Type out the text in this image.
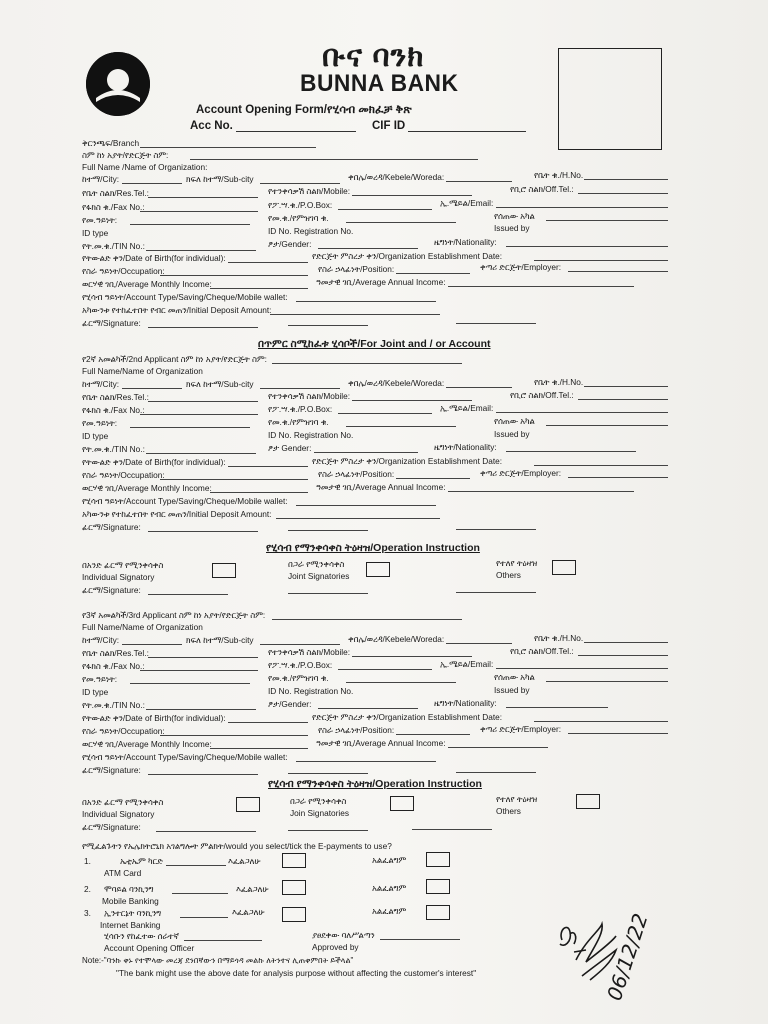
ቡና ባንክ
BUNNA BANK
Account Opening Form/የሂሳብ መክፈቻ ቅጽ
Acc No.	CIF ID
ቅርንጫፍ/Branch
ስም ከነ አያት/የድርጅት ስም:
Full Name /Name of Organization:
ከተማ/City:	ክፍለ ከተማ/Sub-city	ቀበሌ/ወረዳ/Kebele/Woreda:	የቤት ቁ./H.No.
የቤት ስልክ/Res.Tel.:	የተንቀሳቃሽ ስልክ/Mobile:	የቢሮ ስልክ/Off.Tel.:
የፋክስ ቁ./Fax No.:	የፖ.ሣ.ቁ./P.O.Box:	ኢ.ሜይል/Email:
የመ.ዓይነት:	የመ.ቁ./የምዝገባ ቁ.	የሰጠው አካል
ID type	ID No. Registration No.	Issued by
የት.መ.ቁ./TIN No.:	ፆታ/Gender:	ዜግነት/Nationality:
የትውልድ ቀን/Date of Birth(for individual):	የድርጅት ምስረታ ቀን/Organization Establishment Date:
የስራ ዓይነት/Occupation:	የስራ ኃላፊነት/Position:	ቀጣሪ ድርጅት/Employer:
ወርሃዊ ገቢ/Average Monthly Income:	ዓመታዊ ገቢ/Average Annual Income:
የሂሳብ ዓይነት/Account Type/Saving/Cheque/Mobile wallet:
አካውንቱ የተከፈተበት የብር መጠን/Initial Deposit Amount:
ፊርማ/Signature:
በጥምር ስሚከፈቱ ሂሳቦች/For Joint and / or Account
የ2ኛ አመልካች/2nd Applicant ስም ከነ አያት/የድርጅት ስም:
Full Name/Name of Organization
ከተማ/City:	ክፍለ ከተማ/Sub-city	ቀበሌ/ወረዳ/Kebele/Woreda:	የቤት ቁ./H.No.
የቤት ስልክ/Res.Tel.:	የተንቀሳቃሽ ስልክ/Mobile:	የቢሮ ስልክ/Off.Tel.:
የፋክስ ቁ./Fax No.:	የፖ.ሣ.ቁ./P.O.Box:	ኢ.ሜይል/Email:
የመ.ዓይነት:	የመ.ቁ./የምዝገባ ቁ.	የሰጠው አካል
ID type	ID No. Registration No.	Issued by
የት.መ.ቁ./TIN No.:	ፆታ Gender:	ዜግነት/Nationality:
የትውልድ ቀን/Date of Birth(for individual):	የድርጅት ምስረታ ቀን/Organization Establishment Date:
የስራ ዓይነት/Occupation:	የስራ ኃላፊነት/Position:	ቀጣሪ ድርጅት/Employer:
ወርሃዊ ገቢ/Average Monthly Income:	ዓመታዊ ገቢ/Average Annual Income:
የሂሳብ ዓይነት/Account Type/Saving/Cheque/Mobile wallet:
አካውንቱ የተከፈተበት የብር መጠን/Initial Deposit Amount:
ፊርማ/Signature:
የሂሳብ የማንቀሳቀስ ትዕዛዝ/Operation Instruction
በአንድ ፊርማ የሚንቀሳቀስ
Individual Signatory
በጋራ የሚንቀሳቀስ
Joint Signatories
የተለየ ትዕዛዝ
Others
ፊርማ/Signature:
የ3ኛ አመልካች/3rd Applicant ስም ከነ አያት/የድርጅት ስም:
Full Name/Name of Organization
ከተማ/City:	ክፍለ ከተማ/Sub-city	ቀበሌ/ወረዳ/Kebele/Woreda:	የቤት ቁ./H.No.
የቤት ስልክ/Res.Tel.:	የተንቀሳቃሽ ስልክ/Mobile:	የቢሮ ስልክ/Off.Tel.:
የፋክስ ቁ./Fax No.:	የፖ.ሣ.ቁ./P.O.Box:	ኢ.ሜይል/Email:
የመ.ዓይነት:	የመ.ቁ./የምዝገባ ቁ.	የሰጠው አካል
ID type	ID No. Registration No.	Issued by
የት.መ.ቁ./TIN No.:	ፆታ/Gender:	ዜግነት/Nationality:
የትውልድ ቀን/Date of Birth(for individual):	የድርጅት ምስረታ ቀን/Organization Establishment Date:
የስራ ዓይነት/Occupation:	የስራ ኃላፊነት/Position:	ቀጣሪ ድርጅት/Employer:
ወርሃዊ ገቢ/Average Monthly Income:	ዓመታዊ ገቢ/Average Annual Income:
የሂሳብ ዓይነት/Account Type/Saving/Cheque/Mobile wallet:
ፊርማ/Signature:
የሂሳብ የማንቀሳቀስ ትዕዛዝ/Operation Instruction
በአንድ ፊርማ የሚንቀሳቀስ
Individual Signatory
በጋራ የሚንቀሳቀስ
Join Signatories
የተለየ ትዕዛዝ
Others
ፊርማ/Signature:
የሚፈልጉትን የኤሌክትሮኒክ አገልግሎት ምልክት/would you select/tick the E-payments to use?
1.	ኤቲኤም ካርድ	እፈልጋለሁ	አልፈልግም
ATM Card
2. ሞባይል ባንኪንግ	እፈልጋለሁ	አልፈልግም
Mobile Banking
3. ኢንተርኔት ባንኪንግ	እፈልጋለሁ	አልፈልግም
Internet Banking
ሂሳቡን የከፈተው ሰራተኛ
Account Opening Officer
ያፀደቀው ባለሥልጣን
Approved by
Note:-"ባንኩ ቀኑ የተሞላው መረጃ ደንበኛውን በማይጎዳ መልኩ ለትንተና ሊጠቀምበት ይችላል"
"The bank might use the above date for analysis purpose without affecting the customer's interest"	06/12/22
